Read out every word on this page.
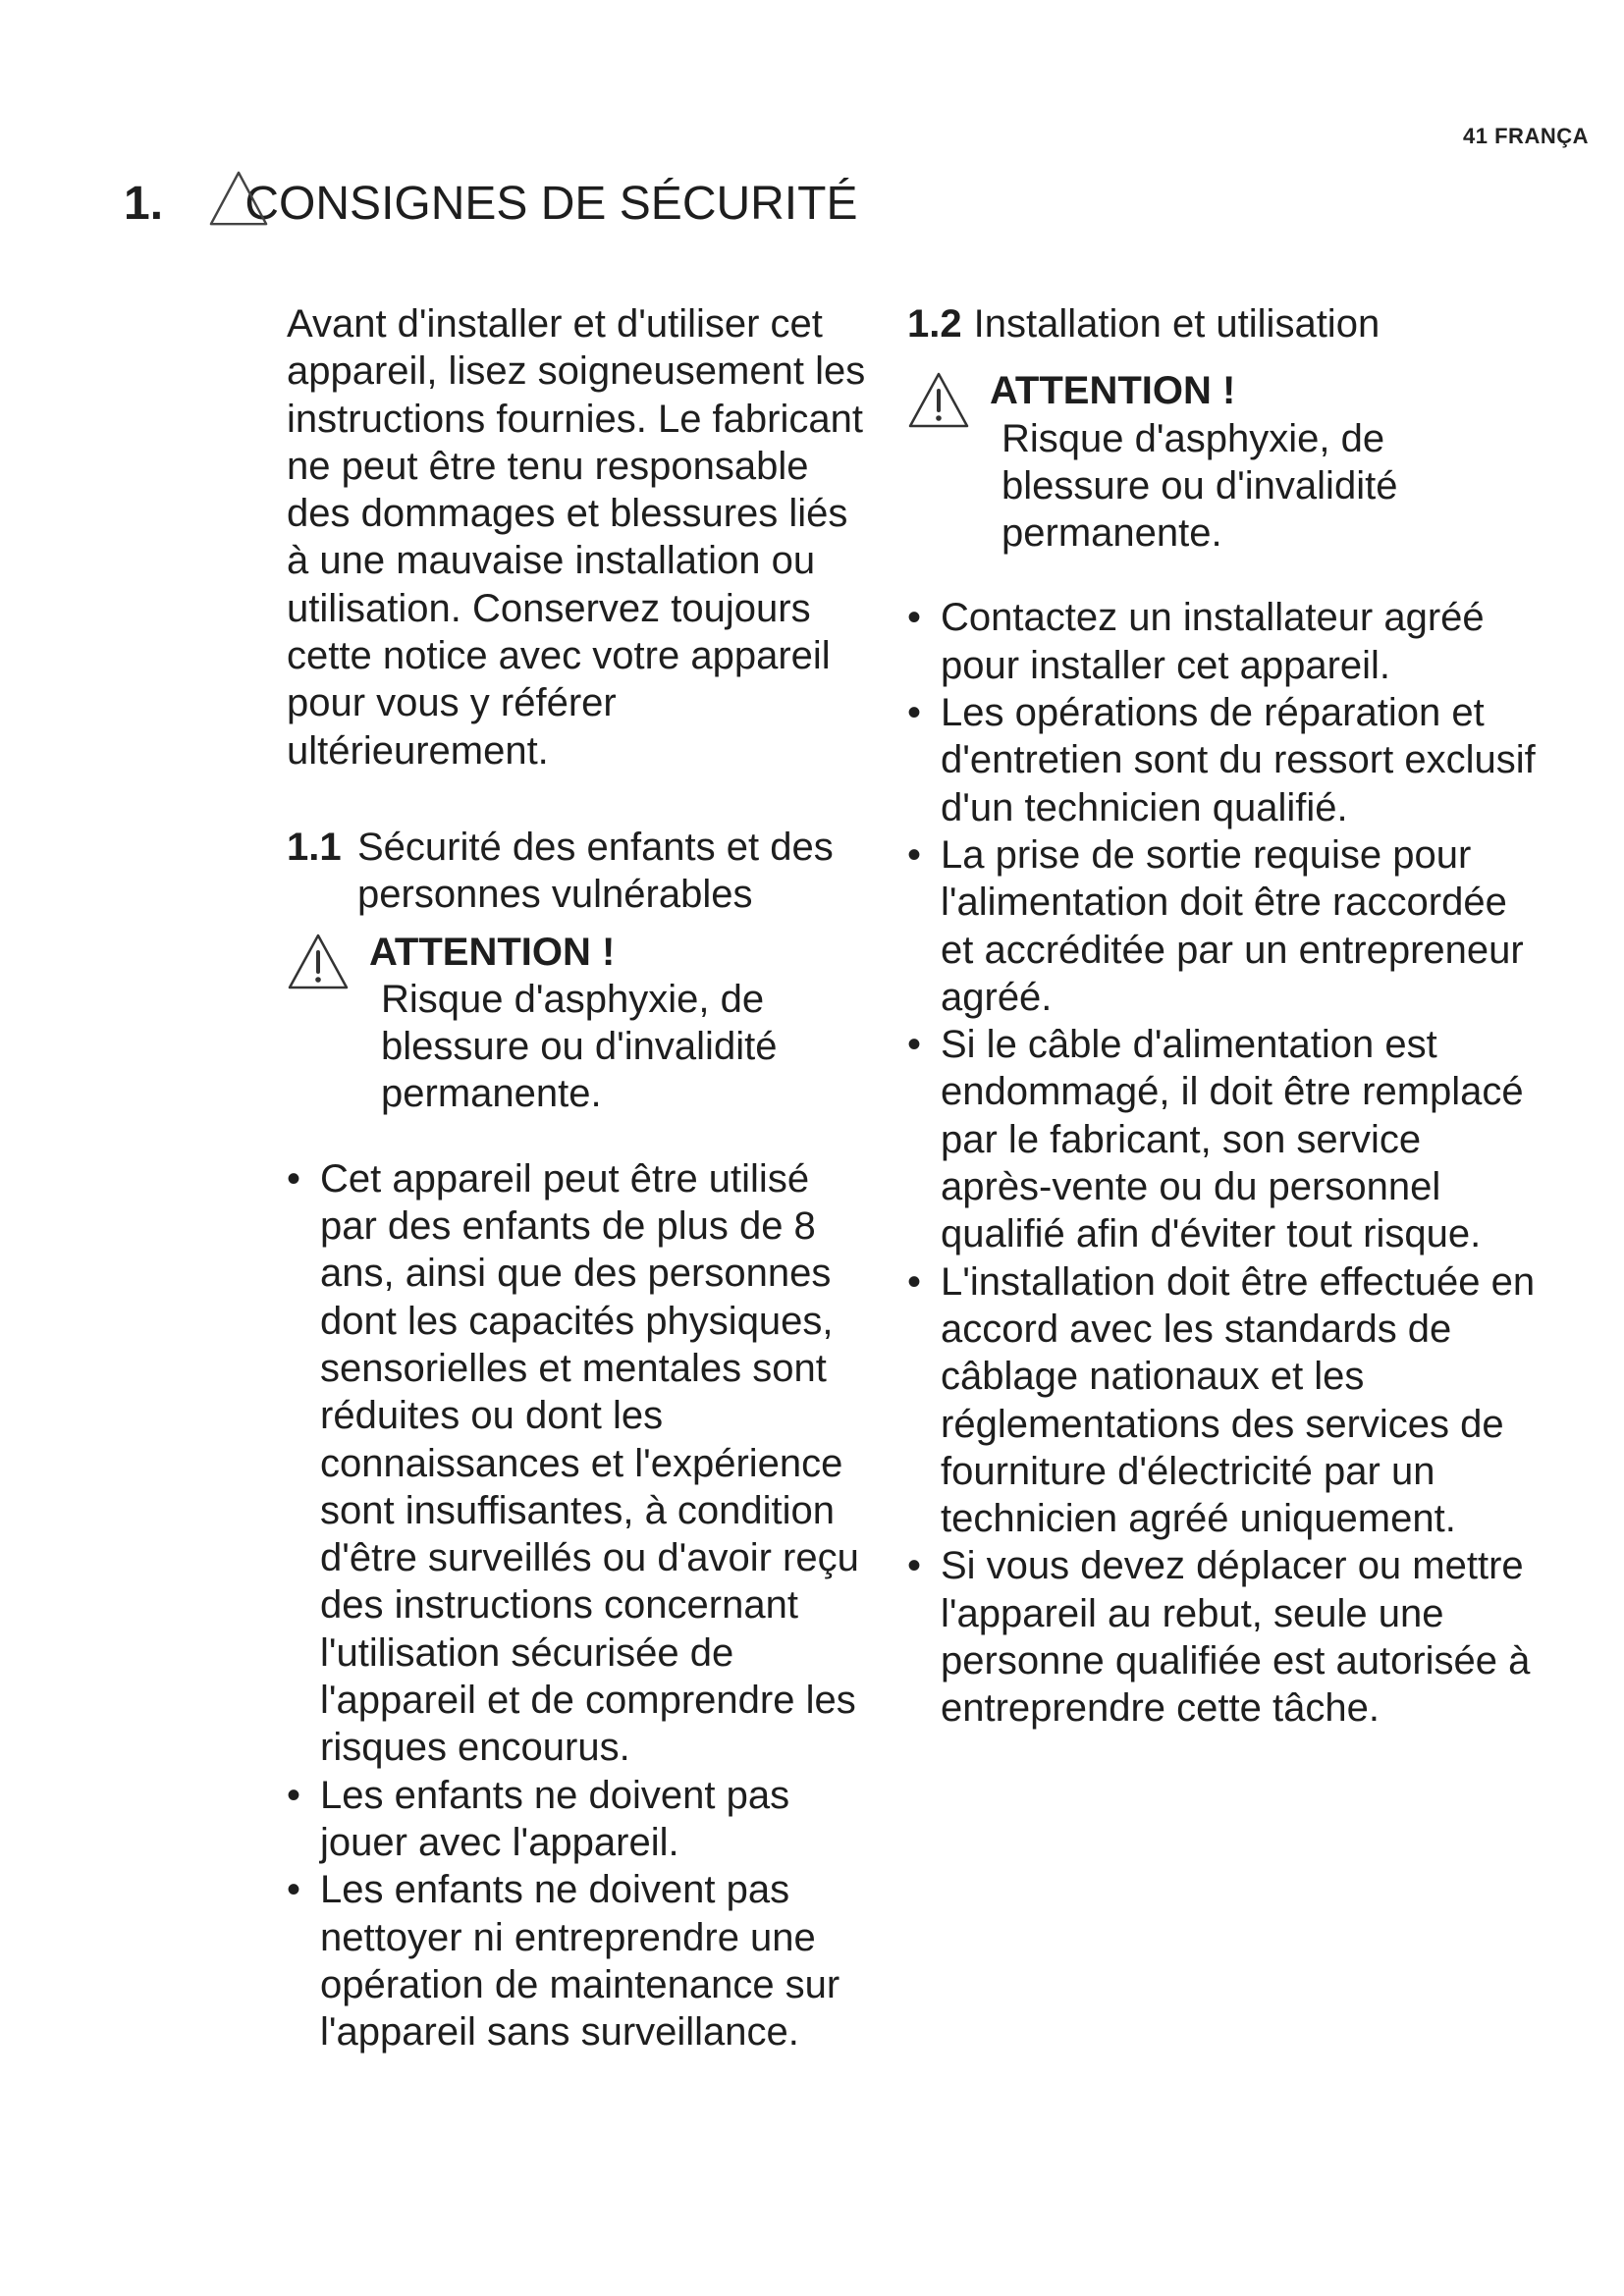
41 FRANÇA
1. CONSIGNES DE SÉCURITÉ

Avant d'installer et d'utiliser cet appareil, lisez soigneusement les instructions fournies. Le fabricant ne peut être tenu responsable des dommages et blessures liés à une mauvaise installation ou utilisation. Conservez toujours cette notice avec votre appareil pour vous y référer ultérieurement.

1.1 Sécurité des enfants et des personnes vulnérables
ATTENTION !
Risque d'asphyxie, de blessure ou d'invalidité permanente.
• Cet appareil peut être utilisé par des enfants de plus de 8 ans, ainsi que des personnes dont les capacités physiques, sensorielles et mentales sont réduites ou dont les connaissances et l'expérience sont insuffisantes, à condition d'être surveillés ou d'avoir reçu des instructions concernant l'utilisation sécurisée de l'appareil et de comprendre les risques encourus.
• Les enfants ne doivent pas jouer avec l'appareil.
• Les enfants ne doivent pas nettoyer ni entreprendre une opération de maintenance sur l'appareil sans surveillance.
1.2 Installation et utilisation
ATTENTION !
Risque d'asphyxie, de blessure ou d'invalidité permanente.
• Contactez un installateur agréé pour installer cet appareil.
• Les opérations de réparation et d'entretien sont du ressort exclusif d'un technicien qualifié.
• La prise de sortie requise pour l'alimentation doit être raccordée et accréditée par un entrepreneur agréé.
• Si le câble d'alimentation est endommagé, il doit être remplacé par le fabricant, son service après-vente ou du personnel qualifié afin d'éviter tout risque.
• L'installation doit être effectuée en accord avec les standards de câblage nationaux et les réglementations des services de fourniture d'électricité par un technicien agréé uniquement.
• Si vous devez déplacer ou mettre l'appareil au rebut, seule une personne qualifiée est autorisée à entreprendre cette tâche.
